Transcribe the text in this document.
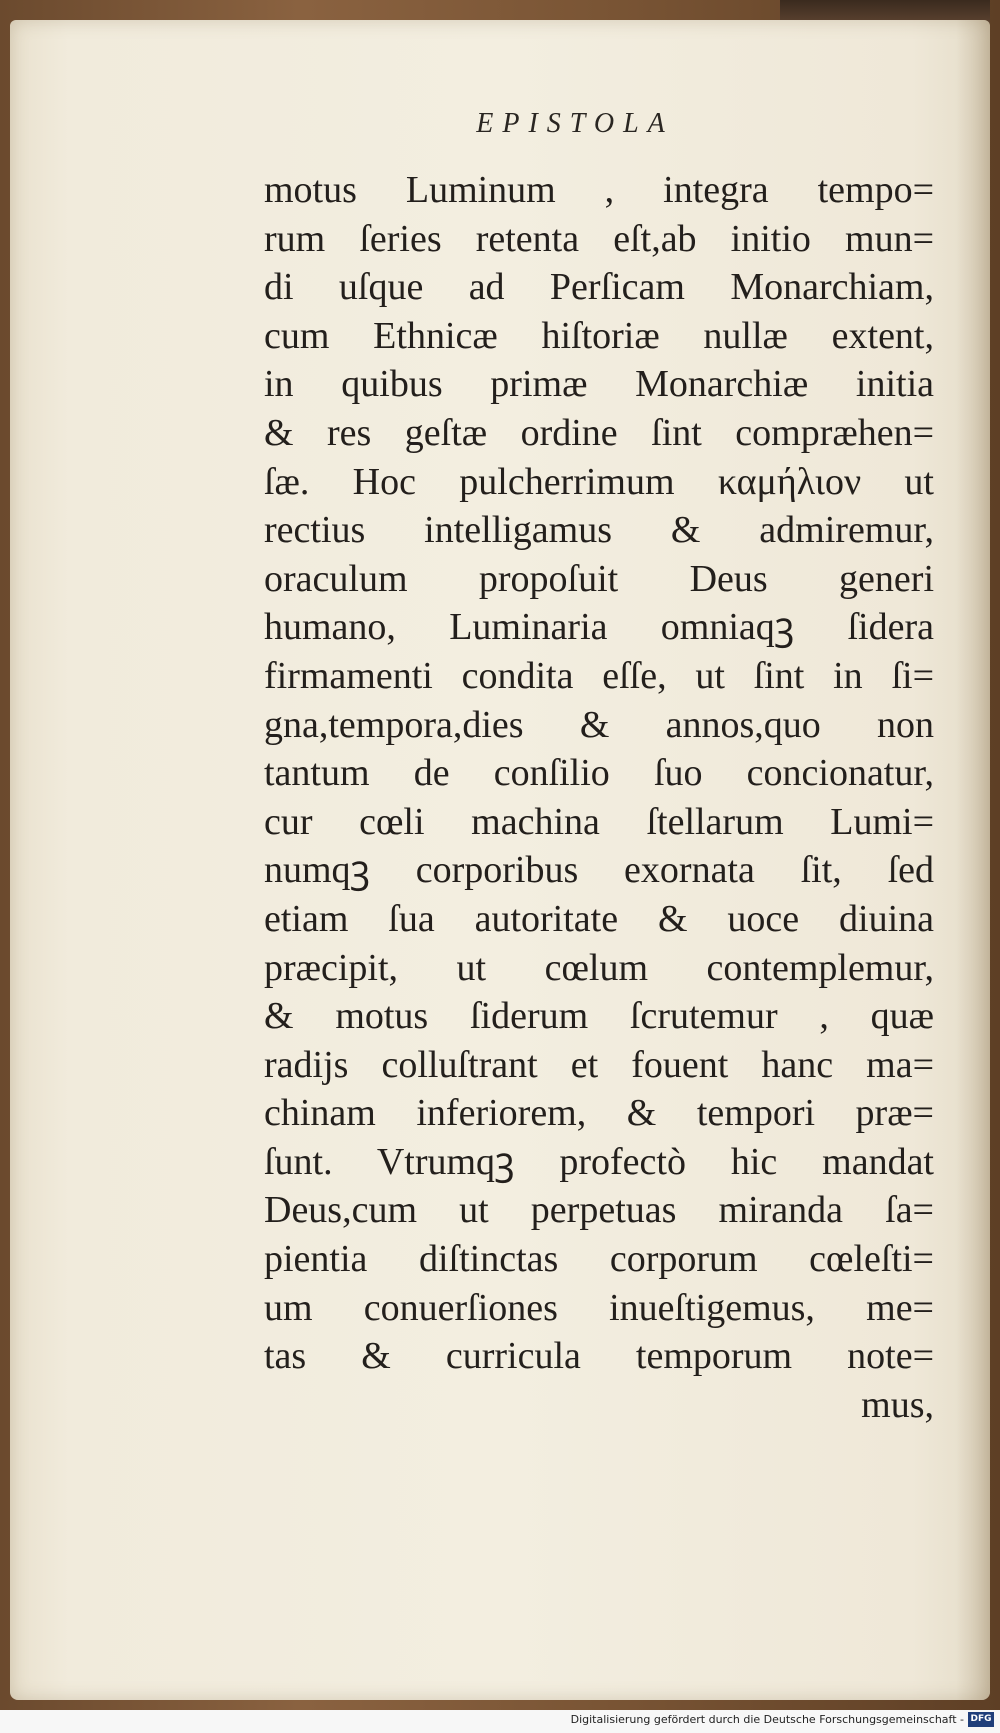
EPISTOLA
motus Luminum , integra tempo=
rum ſeries retenta eſt,ab initio mun=
di uſque ad Perſicam Monarchiam,
cum Ethnicæ hiſtoriæ nullæ extent,
in quibus primæ Monarchiæ initia
& res geſtæ ordine ſint compræhen=
ſæ. Hoc pulcherrimum καμήλιον ut
rectius intelligamus & admiremur,
oraculum propoſuit Deus generi
humano, Luminaria omniaqꝫ ſidera
firmamenti condita eſſe, ut ſint in ſi=
gna,tempora,dies & annos,quo non
tantum de conſilio ſuo concionatur,
cur cœli machina ſtellarum Lumi=
numqꝫ corporibus exornata ſit, ſed
etiam ſua autoritate & uoce diuina
præcipit, ut cœlum contemplemur,
& motus ſiderum ſcrutemur , quæ
radijs colluſtrant et fouent hanc ma=
chinam inferiorem, & tempori præ=
ſunt. Vtrumqꝫ profectò hic mandat
Deus,cum ut perpetuas miranda ſa=
pientia diſtinctas corporum cœleſti=
um conuerſiones inueſtigemus, me=
tas & curricula temporum note=
mus,
Digitalisierung gefördert durch die Deutsche Forschungsgemeinschaft - DFG
